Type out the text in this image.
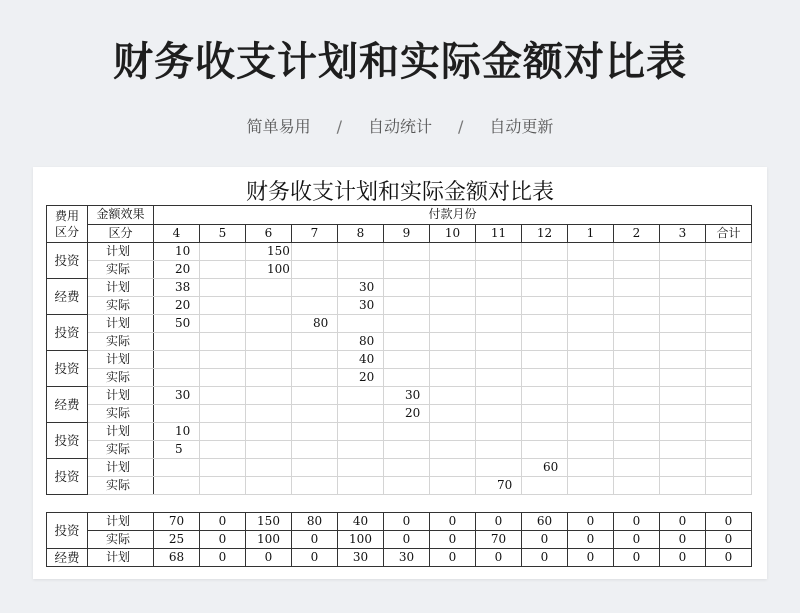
财务收支计划和实际金额对比表
简单易用 / 自动统计 / 自动更新
财务收支计划和实际金额对比表
费用
区分	金额效果	付款月份												
	区分	4	5	6	7	8	9	10	11	12	1	2	3	合计
投资	计划	10		150										
	实际	20		100										
经费	计划	38				30								
	实际	20				30								
投资	计划	50			80									
	实际					80								
投资	计划					40								
	实际					20								
经费	计划	30					30							
	实际						20							
投资	计划	10												
	实际	5												
投资	计划									60				
	实际								70					
投资	计划	70	0	150	80	40	0	0	0	60	0	0	0	0
	实际	25	0	100	0	100	0	0	70	0	0	0	0	0
经费	计划	68	0	0	0	30	30	0	0	0	0	0	0	0
